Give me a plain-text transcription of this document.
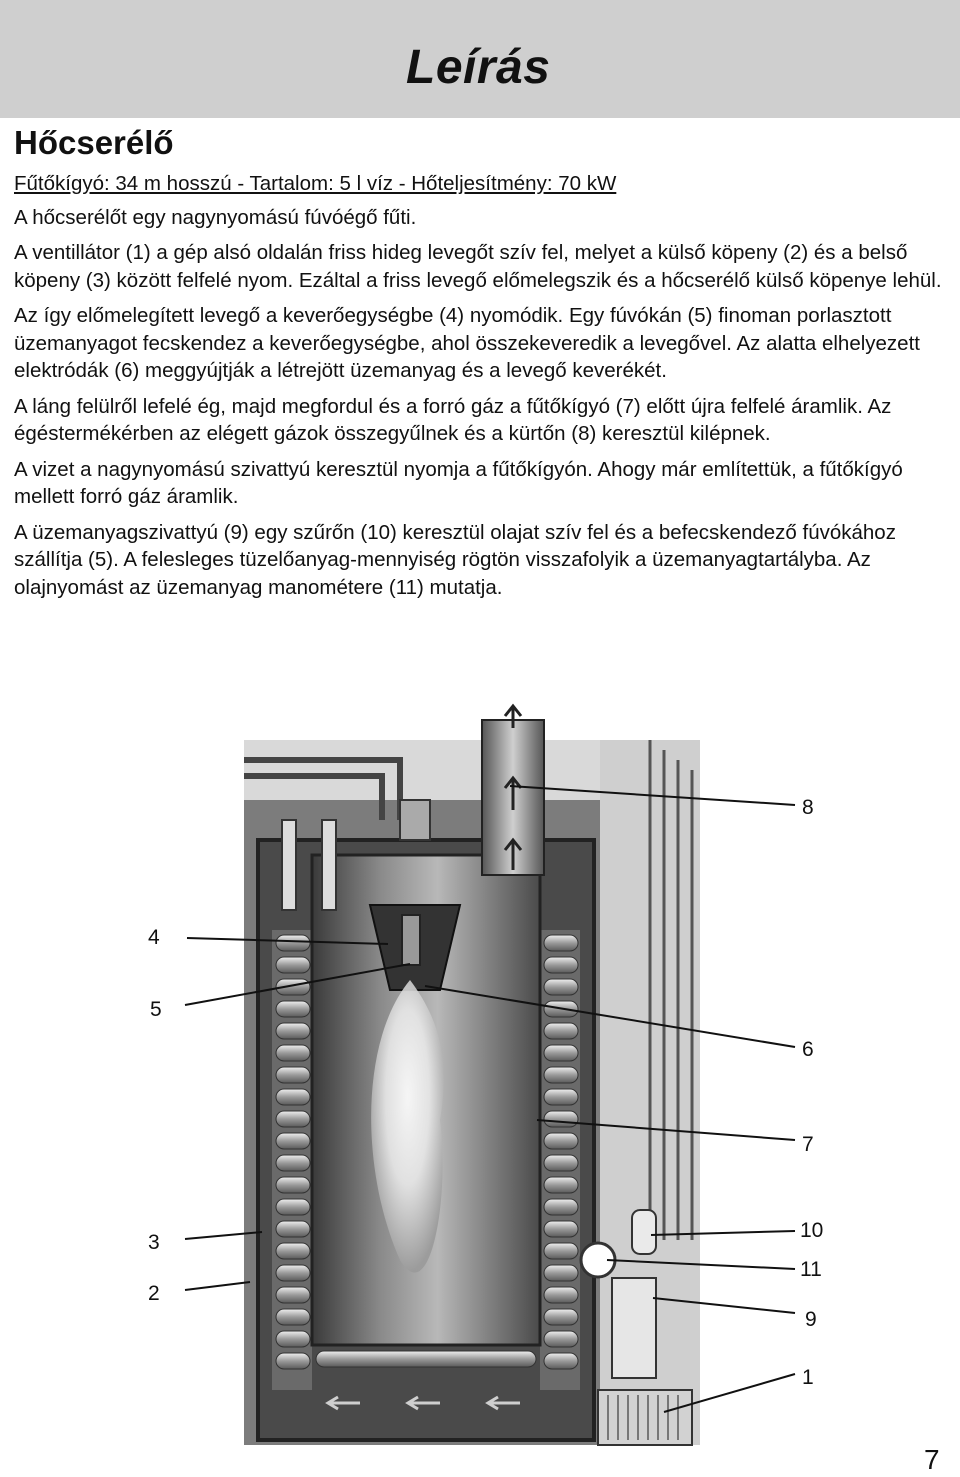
Leírás
Hőcserélő

Fűtőkígyó: 34 m hosszú - Tartalom: 5 l víz - Hőteljesítmény: 70 kW

A hőcserélőt egy nagynyomású fúvóégő fűti.

A ventillátor (1) a gép alsó oldalán friss hideg levegőt szív fel, melyet a külső köpeny (2) és a belső köpeny (3) között felfelé nyom. Ezáltal a friss levegő előmelegszik és a hőcserélő külső köpenye lehül.

Az így előmelegített levegő a keverőegységbe (4) nyomódik. Egy fúvókán (5) finoman porlasztott üzemanyagot fecskendez a keverőegységbe, ahol összekeveredik a levegővel. Az alatta elhelyezett elektródák (6) meggyújtják a létrejött üzemanyag és a levegő keverékét.

A láng felülről lefelé ég, majd megfordul és a forró gáz a fűtőkígyó (7) előtt újra felfelé áramlik. Az égéstermékérben az elégett gázok összegyűlnek és a kürtőn (8) keresztül kilépnek.

A vizet a nagynyomású szivattyú keresztül nyomja a fűtőkígyón. Ahogy már említettük, a fűtőkígyó mellett forró gáz áramlik.

A üzemanyagszivattyú (9) egy szűrőn (10) keresztül olajat szív fel és a befecskendező fúvókához szállítja (5). A felesleges tüzelőanyag-mennyiség rögtön visszafolyik a üzemanyagtartályba. Az olajnyomást az üzemanyag manométere (11) mutatja.

8
4
5
6
7
3
10
11
2
9
1
7
